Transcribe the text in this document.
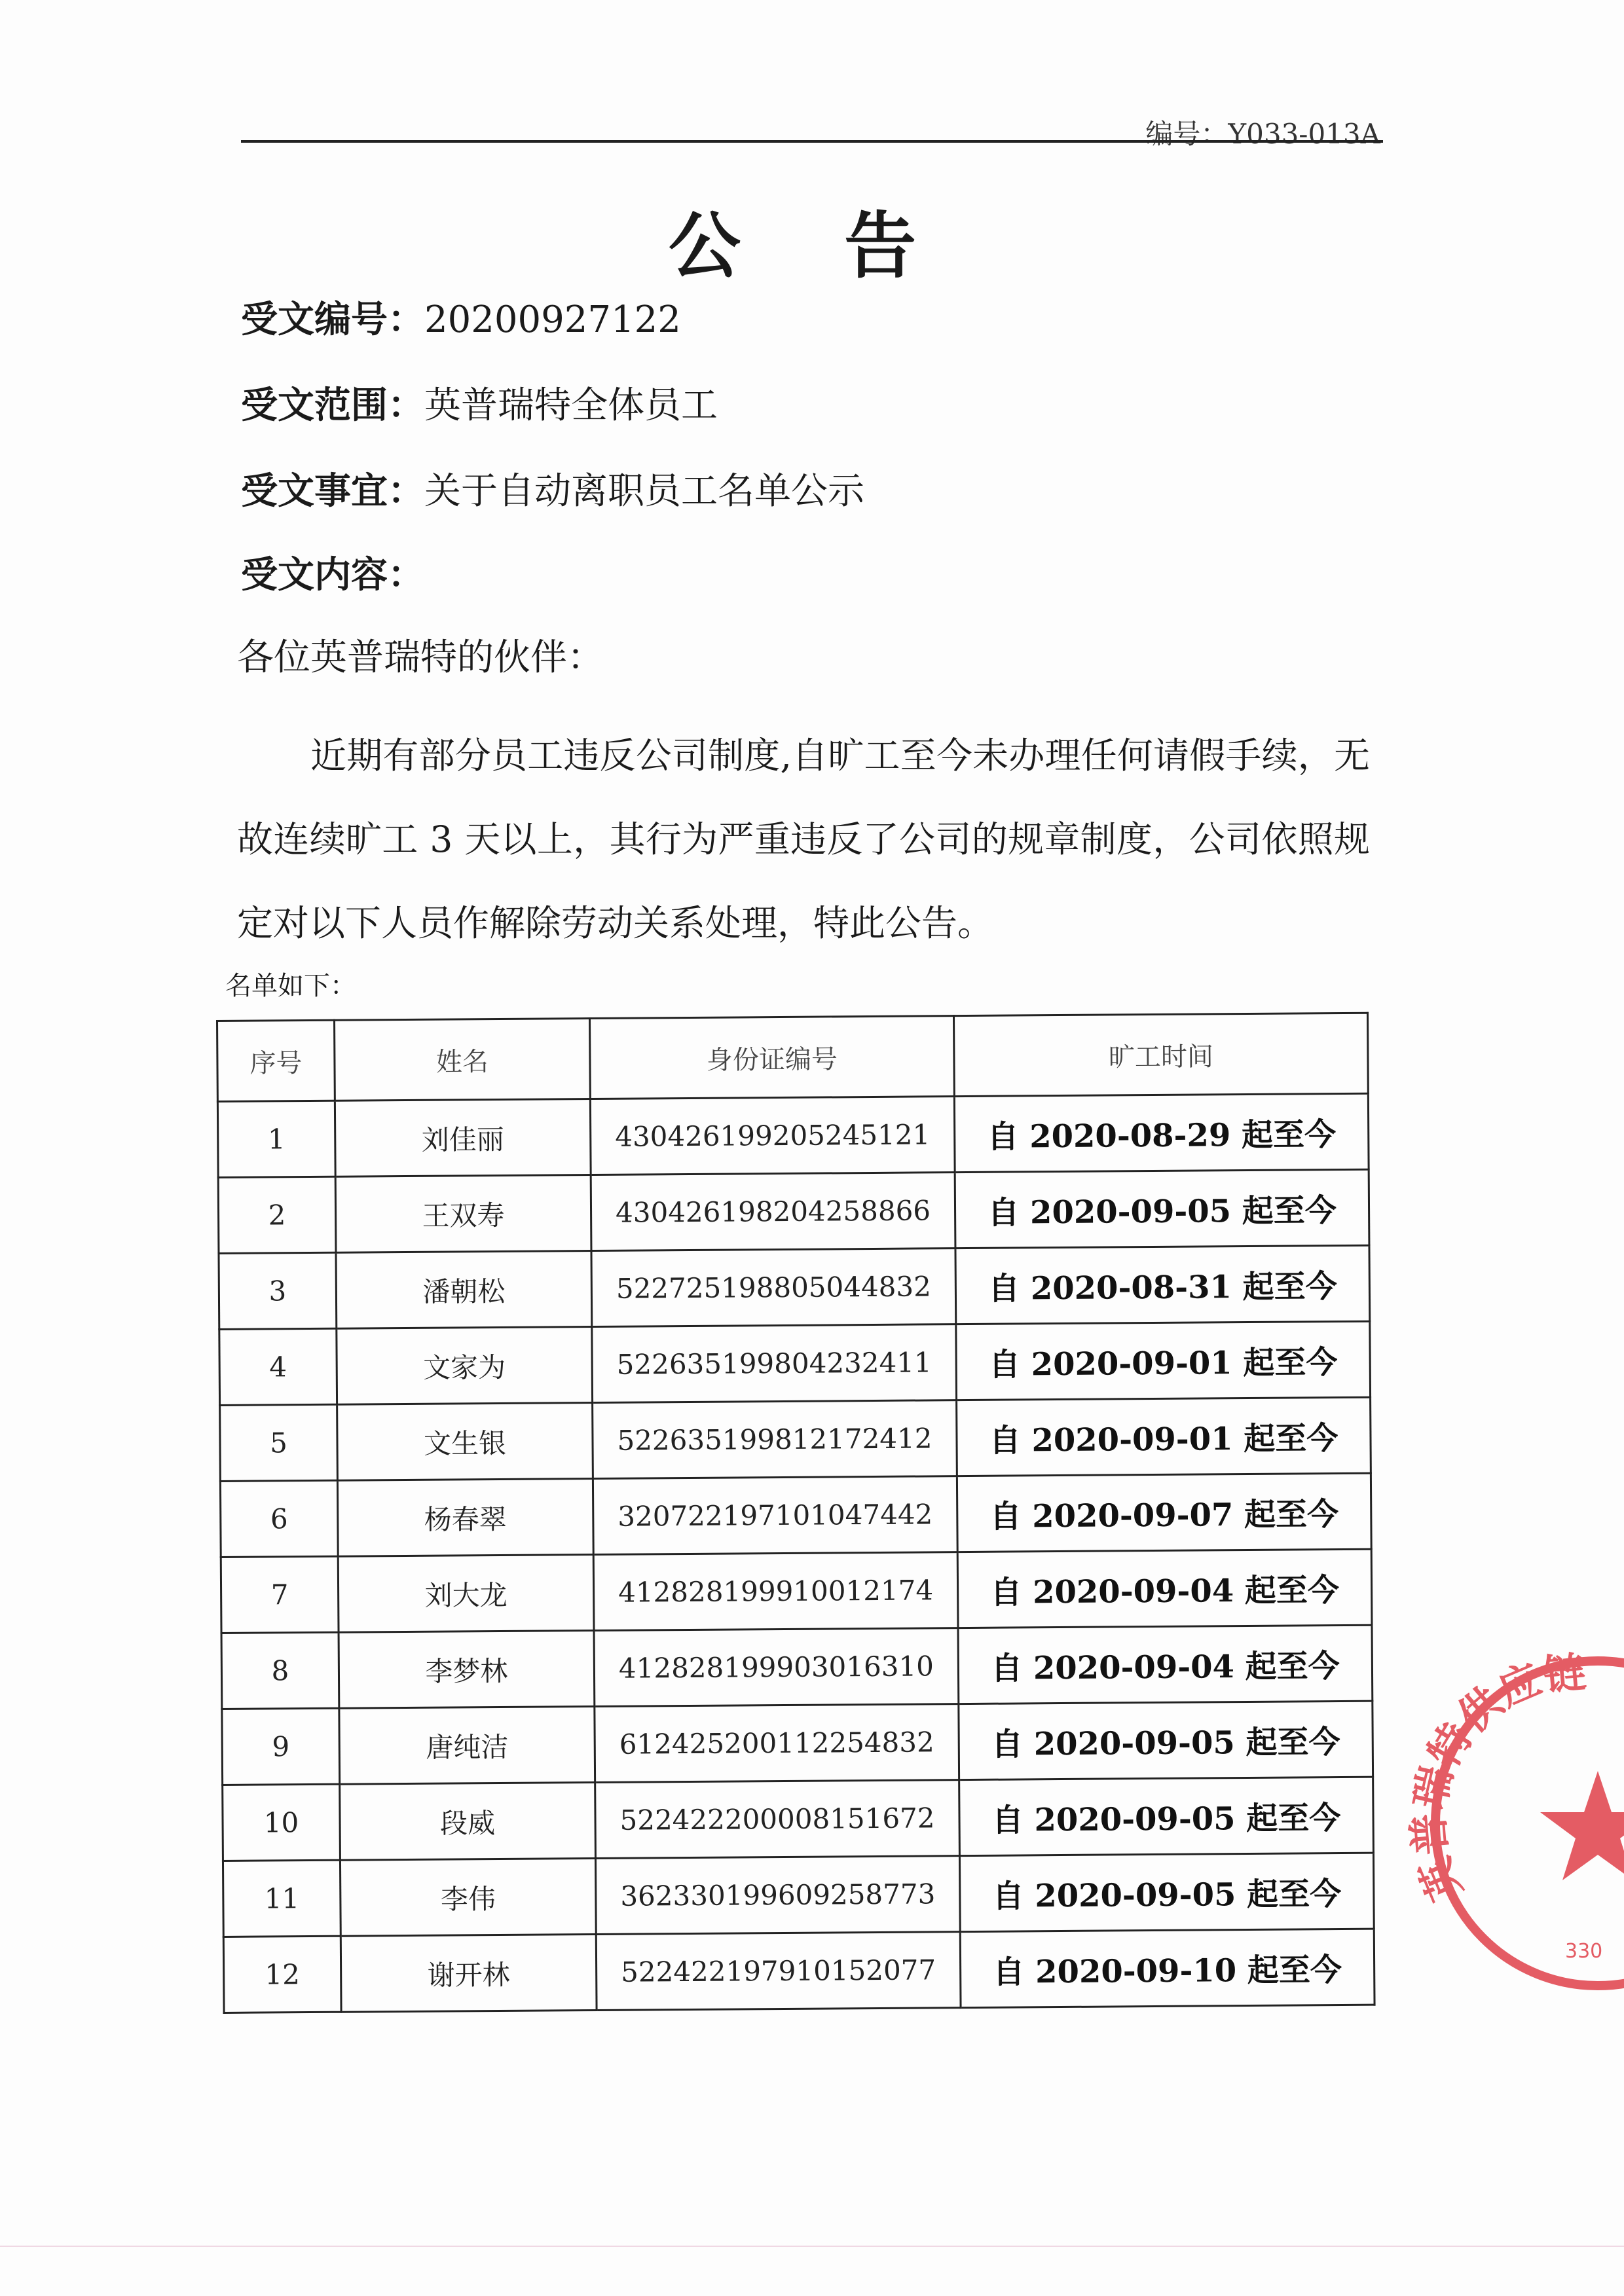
编号：Y033-013A
公 告
受文编号：20200927122
受文范围：英普瑞特全体员工
受文事宜：关于自动离职员工名单公示
受文内容：
各位英普瑞特的伙伴：
近期有部分员工违反公司制度,自旷工至今未办理任何请假手续，无故连续旷工 3 天以上，其行为严重违反了公司的规章制度，公司依照规定对以下人员作解除劳动关系处理，特此公告。
名单如下：
序号	姓名	身份证编号	旷工时间
1	刘佳丽	430426199205245121	自 2020-08-29 起至今
2	王双寿	430426198204258866	自 2020-09-05 起至今
3	潘朝松	522725198805044832	自 2020-08-31 起至今
4	文家为	522635199804232411	自 2020-09-01 起至今
5	文生银	522635199812172412	自 2020-09-01 起至今
6	杨春翠	320722197101047442	自 2020-09-07 起至今
7	刘大龙	412828199910012174	自 2020-09-04 起至今
8	李梦林	412828199903016310	自 2020-09-04 起至今
9	唐纯洁	612425200112254832	自 2020-09-05 起至今
10	段威	522422200008151672	自 2020-09-05 起至今
11	李伟	362330199609258773	自 2020-09-05 起至今
12	谢开林	522422197910152077	自 2020-09-10 起至今
英普瑞特供应链
330
